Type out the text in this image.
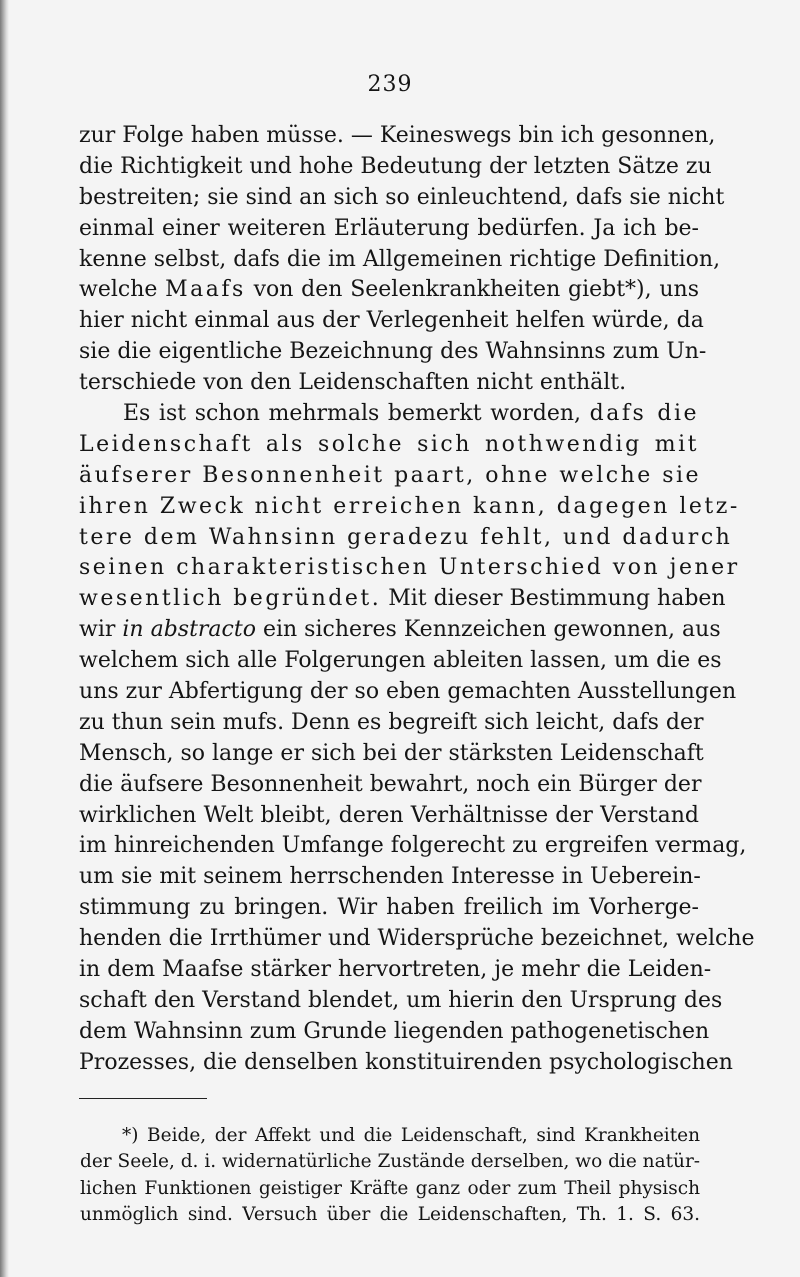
239
zur Folge haben müsse. — Keineswegs bin ich gesonnen,
die Richtigkeit und hohe Bedeutung der letzten Sätze zu
bestreiten; sie sind an sich so einleuchtend, dafs sie nicht
einmal einer weiteren Erläuterung bedürfen. Ja ich be-
kenne selbst, dafs die im Allgemeinen richtige Definition,
welche Maafs von den Seelenkrankheiten giebt*), uns
hier nicht einmal aus der Verlegenheit helfen würde, da
sie die eigentliche Bezeichnung des Wahnsinns zum Un-
terschiede von den Leidenschaften nicht enthält.
Es ist schon mehrmals bemerkt worden, dafs die
Leidenschaft als solche sich nothwendig mit
äufserer Besonnenheit paart, ohne welche sie
ihren Zweck nicht erreichen kann, dagegen letz-
tere dem Wahnsinn geradezu fehlt, und dadurch
seinen charakteristischen Unterschied von jener
wesentlich begründet. Mit dieser Bestimmung haben
wir in abstracto ein sicheres Kennzeichen gewonnen, aus
welchem sich alle Folgerungen ableiten lassen, um die es
uns zur Abfertigung der so eben gemachten Ausstellungen
zu thun sein mufs. Denn es begreift sich leicht, dafs der
Mensch, so lange er sich bei der stärksten Leidenschaft
die äufsere Besonnenheit bewahrt, noch ein Bürger der
wirklichen Welt bleibt, deren Verhältnisse der Verstand
im hinreichenden Umfange folgerecht zu ergreifen vermag,
um sie mit seinem herrschenden Interesse in Ueberein-
stimmung zu bringen. Wir haben freilich im Vorherge-
henden die Irrthümer und Widersprüche bezeichnet, welche
in dem Maafse stärker hervortreten, je mehr die Leiden-
schaft den Verstand blendet, um hierin den Ursprung des
dem Wahnsinn zum Grunde liegenden pathogenetischen
Prozesses, die denselben konstituirenden psychologischen
*) Beide, der Affekt und die Leidenschaft, sind Krankheiten
der Seele, d. i. widernatürliche Zustände derselben, wo die natür-
lichen Funktionen geistiger Kräfte ganz oder zum Theil physisch
unmöglich sind. Versuch über die Leidenschaften, Th. 1. S. 63.
